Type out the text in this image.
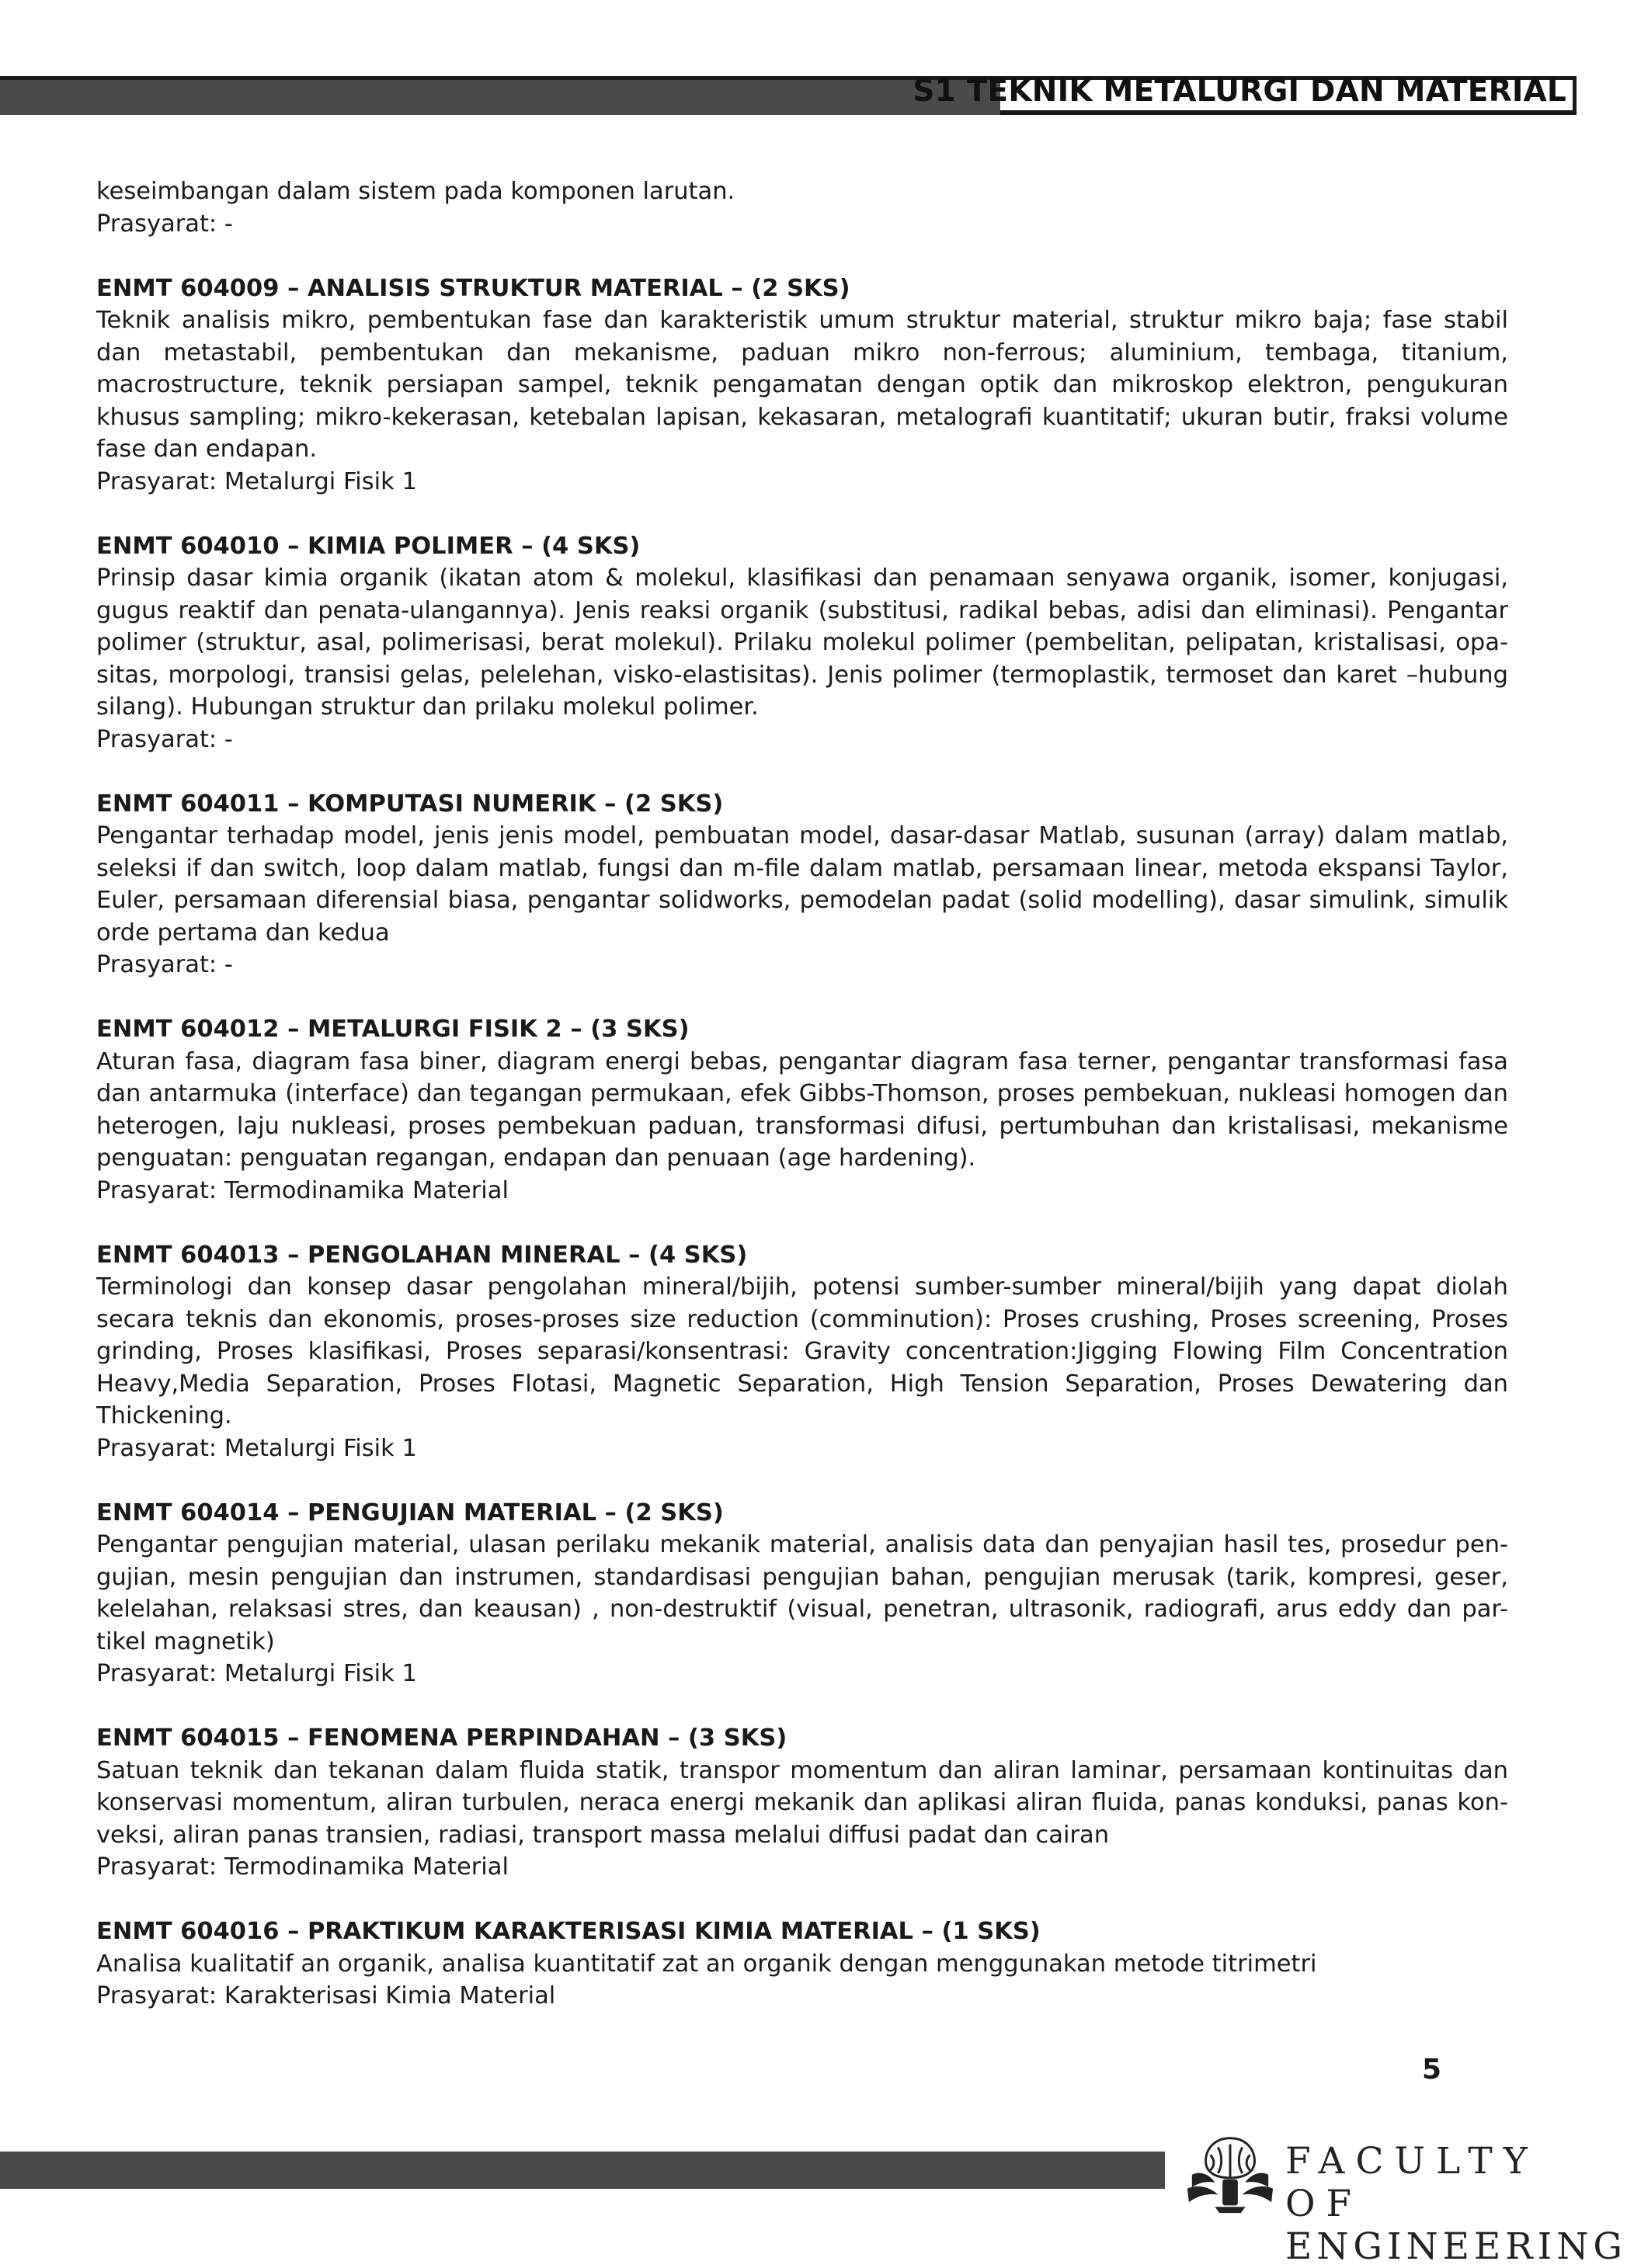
S1 TEKNIK METALURGI DAN MATERIAL

keseimbangan dalam sistem pada komponen larutan.

Prasyarat: -

ENMT 604009 – ANALISIS STRUKTUR MATERIAL – (2 SKS)

Teknik analisis mikro, pembentukan fase dan karakteristik umum struktur material, struktur mikro baja; fase stabil dan metastabil, pembentukan dan mekanisme, paduan mikro non-ferrous; aluminium, tembaga, titanium, macrostructure, teknik persiapan sampel, teknik pengamatan dengan optik dan mikroskop elektron, pengukuran khusus sampling; mikro-kekerasan, ketebalan lapisan, kekasaran, metalografi kuantitatif; ukuran butir, fraksi volume fase dan endapan.

Prasyarat: Metalurgi Fisik 1

ENMT 604010 – KIMIA POLIMER – (4 SKS)

Prinsip dasar kimia organik (ikatan atom & molekul, klasifikasi dan penamaan senyawa organik, isomer, konjugasi, gugus reaktif dan penata-ulangannya). Jenis reaksi organik (substitusi, radikal bebas, adisi dan eliminasi). Pengantar polimer (struktur, asal, polimerisasi, berat molekul). Prilaku molekul polimer (pembelitan, pelipatan, kristalisasi, opa-sitas, morpologi, transisi gelas, pelelehan, visko-elastisitas). Jenis polimer (termoplastik, termoset dan karet –hubung silang). Hubungan struktur dan prilaku molekul polimer.

Prasyarat: -

ENMT 604011 – KOMPUTASI NUMERIK – (2 SKS)

Pengantar terhadap model, jenis jenis model, pembuatan model, dasar-dasar Matlab, susunan (array) dalam matlab, seleksi if dan switch, loop dalam matlab, fungsi dan m-file dalam matlab, persamaan linear, metoda ekspansi Taylor, Euler, persamaan diferensial biasa, pengantar solidworks, pemodelan padat (solid modelling), dasar simulink, simulik orde pertama dan kedua

Prasyarat: -

ENMT 604012 – METALURGI FISIK 2 – (3 SKS)

Aturan fasa, diagram fasa biner, diagram energi bebas, pengantar diagram fasa terner, pengantar transformasi fasa dan antarmuka (interface) dan tegangan permukaan, efek Gibbs-Thomson, proses pembekuan, nukleasi homogen dan heterogen, laju nukleasi, proses pembekuan paduan, transformasi difusi, pertumbuhan dan kristalisasi, mekanisme penguatan: penguatan regangan, endapan dan penuaan (age hardening).

Prasyarat: Termodinamika Material

ENMT 604013 – PENGOLAHAN MINERAL – (4 SKS)

Terminologi dan konsep dasar pengolahan mineral/bijih, potensi sumber-sumber mineral/bijih yang dapat diolah secara teknis dan ekonomis, proses-proses size reduction (comminution): Proses crushing, Proses screening, Proses grinding, Proses klasifikasi, Proses separasi/konsentrasi: Gravity concentration:Jigging Flowing Film Concentration Heavy,Media Separation, Proses Flotasi, Magnetic Separation, High Tension Separation, Proses Dewatering dan Thickening.

Prasyarat: Metalurgi Fisik 1

ENMT 604014 – PENGUJIAN MATERIAL – (2 SKS)

Pengantar pengujian material, ulasan perilaku mekanik material, analisis data dan penyajian hasil tes, prosedur pen-gujian, mesin pengujian dan instrumen, standardisasi pengujian bahan, pengujian merusak (tarik, kompresi, geser, kelelahan, relaksasi stres, dan keausan) , non-destruktif (visual, penetran, ultrasonik, radiografi, arus eddy dan par-tikel magnetik)

Prasyarat: Metalurgi Fisik 1

ENMT 604015 – FENOMENA PERPINDAHAN – (3 SKS)

Satuan teknik dan tekanan dalam fluida statik, transpor momentum dan aliran laminar, persamaan kontinuitas dan konservasi momentum, aliran turbulen, neraca energi mekanik dan aplikasi aliran fluida, panas konduksi, panas kon-veksi, aliran panas transien, radiasi, transport massa melalui diffusi padat dan cairan

Prasyarat: Termodinamika Material

ENMT 604016 – PRAKTIKUM KARAKTERISASI KIMIA MATERIAL – (1 SKS)

Analisa kualitatif an organik, analisa kuantitatif zat an organik dengan menggunakan metode titrimetri

Prasyarat: Karakterisasi Kimia Material

5
FACULTY OF
ENGINEERING
